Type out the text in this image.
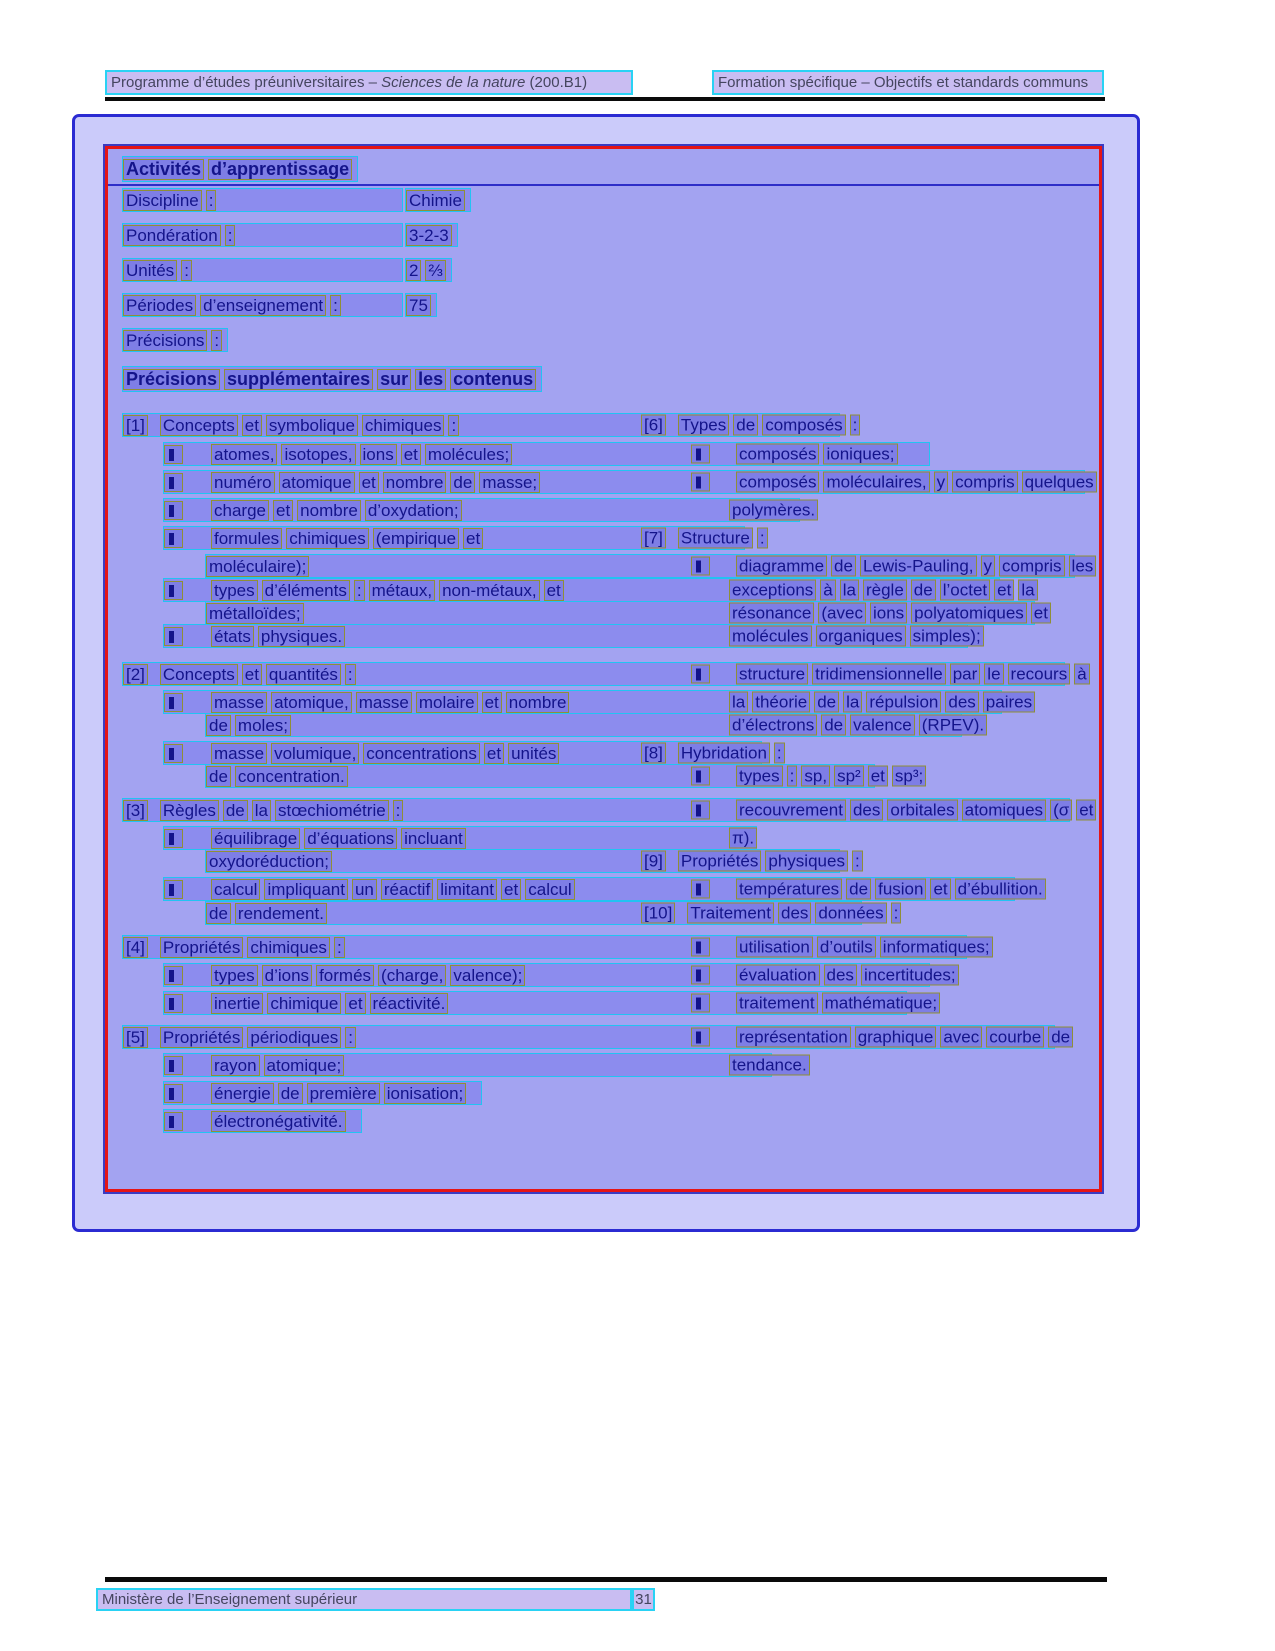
Programme d’études préuniversitaires – Sciences de la nature (200.B1)	Formation spécifique – Objectifs et standards communs
Activités d’apprentissage
Discipline :	Chimie
Pondération :	3-2-3
Unités :	2 ⅔
Périodes d’enseignement :	75
Précisions :
Précisions supplémentaires sur les contenus
[1] Concepts et symbolique chimiques :	[6] Types de composés :
atomes, isotopes, ions et molécules;	composés ioniques;
numéro atomique et nombre de masse;	composés moléculaires, y compris quelques
charge et nombre d’oxydation;	polymères.
formules chimiques (empirique et	[7] Structure :
moléculaire);	diagramme de Lewis-Pauling, y compris les
types d’éléments : métaux, non-métaux, et	exceptions à la règle de l’octet et la
métalloïdes;	résonance (avec ions polyatomiques et
états physiques.	molécules organiques simples);
[2] Concepts et quantités :	structure tridimensionnelle par le recours à
masse atomique, masse molaire et nombre	la théorie de la répulsion des paires
de moles;	d’électrons de valence (RPEV).
masse volumique, concentrations et unités	[8] Hybridation :
de concentration.	types : sp, sp² et sp³;
[3] Règles de la stœchiométrie :	recouvrement des orbitales atomiques (σ et
équilibrage d’équations incluant	π).
oxydoréduction;	[9] Propriétés physiques :
calcul impliquant un réactif limitant et calcul	températures de fusion et d’ébullition.
de rendement.	[10] Traitement des données :
[4] Propriétés chimiques :	utilisation d’outils informatiques;
types d’ions formés (charge, valence);	évaluation des incertitudes;
inertie chimique et réactivité.	traitement mathématique;
[5] Propriétés périodiques :	représentation graphique avec courbe de
rayon atomique;	tendance.
énergie de première ionisation;
électronégativité.
Ministère de l’Enseignement supérieur	31
